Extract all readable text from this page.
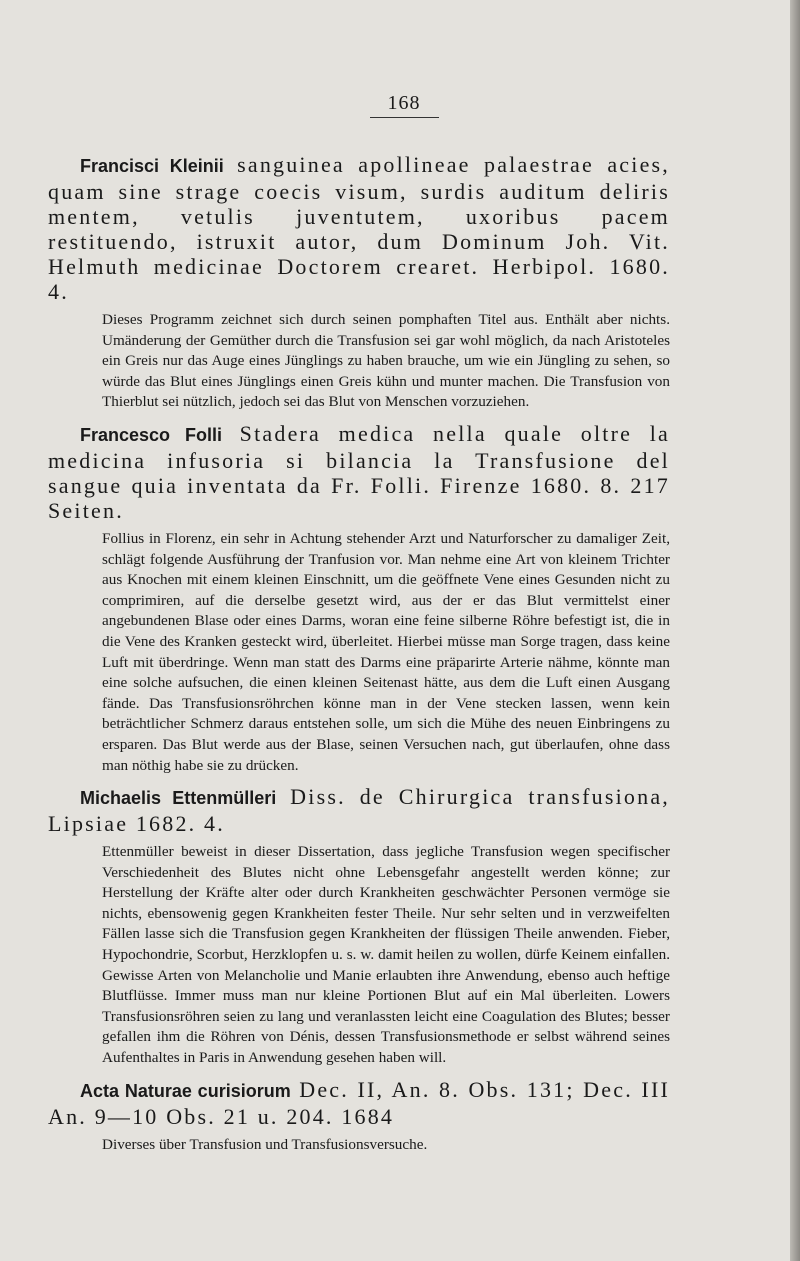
168

Francisci Kleinii sanguinea apollineae palaestrae acies, quam sine strage coecis visum, surdis auditum deliris mentem, vetulis juventutem, uxoribus pacem restituendo, istruxit autor, dum Dominum Joh. Vit. Helmuth medicinae Doctorem crearet. Herbipol. 1680. 4.

Dieses Programm zeichnet sich durch seinen pomphaften Titel aus. Enthält aber nichts. Umänderung der Gemüther durch die Transfusion sei gar wohl möglich, da nach Aristoteles ein Greis nur das Auge eines Jünglings zu haben brauche, um wie ein Jüngling zu sehen, so würde das Blut eines Jünglings einen Greis kühn und munter machen. Die Transfusion von Thierblut sei nützlich, jedoch sei das Blut von Menschen vorzuziehen.

Francesco Folli Stadera medica nella quale oltre la medicina infusoria si bilancia la Transfusione del sangue quia inventata da Fr. Folli. Firenze 1680. 8. 217 Seiten.

Follius in Florenz, ein sehr in Achtung stehender Arzt und Naturforscher zu damaliger Zeit, schlägt folgende Ausführung der Tranfusion vor. Man nehme eine Art von kleinem Trichter aus Knochen mit einem kleinen Einschnitt, um die geöffnete Vene eines Gesunden nicht zu comprimiren, auf die derselbe gesetzt wird, aus der er das Blut vermittelst einer angebundenen Blase oder eines Darms, woran eine feine silberne Röhre befestigt ist, die in die Vene des Kranken gesteckt wird, überleitet. Hierbei müsse man Sorge tragen, dass keine Luft mit überdringe. Wenn man statt des Darms eine präparirte Arterie nähme, könnte man eine solche aufsuchen, die einen kleinen Seitenast hätte, aus dem die Luft einen Ausgang fände. Das Transfusionsröhrchen könne man in der Vene stecken lassen, wenn kein beträchtlicher Schmerz daraus entstehen solle, um sich die Mühe des neuen Einbringens zu ersparen. Das Blut werde aus der Blase, seinen Versuchen nach, gut überlaufen, ohne dass man nöthig habe sie zu drücken.

Michaelis Ettenmülleri Diss. de Chirurgica transfusiona, Lipsiae 1682. 4.

Ettenmüller beweist in dieser Dissertation, dass jegliche Transfusion wegen specifischer Verschiedenheit des Blutes nicht ohne Lebensgefahr angestellt werden könne; zur Herstellung der Kräfte alter oder durch Krankheiten geschwächter Personen vermöge sie nichts, ebensowenig gegen Krankheiten fester Theile. Nur sehr selten und in verzweifelten Fällen lasse sich die Transfusion gegen Krankheiten der flüssigen Theile anwenden. Fieber, Hypochondrie, Scorbut, Herzklopfen u. s. w. damit heilen zu wollen, dürfe Keinem einfallen. Gewisse Arten von Melancholie und Manie erlaubten ihre Anwendung, ebenso auch heftige Blutflüsse. Immer muss man nur kleine Portionen Blut auf ein Mal überleiten. Lowers Transfusionsröhren seien zu lang und veranlassten leicht eine Coagulation des Blutes; besser gefallen ihm die Röhren von Dénis, dessen Transfusionsmethode er selbst während seines Aufenthaltes in Paris in Anwendung gesehen haben will.

Acta Naturae curisiorum Dec. II, An. 8. Obs. 131; Dec. III An. 9—10 Obs. 21 u. 204. 1684

Diverses über Transfusion und Transfusionsversuche.
